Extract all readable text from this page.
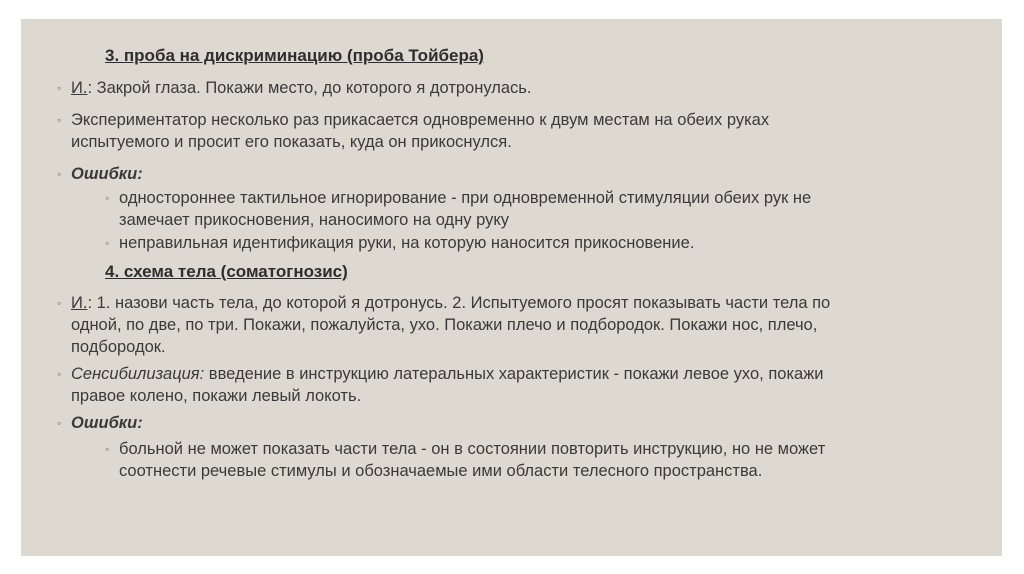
3. проба на дискриминацию (проба Тойбера)
◦ И.: Закрой глаза. Покажи место, до которого я дотронулась.
◦ Экспериментатор несколько раз прикасается одновременно к двум местам на обеих руках
испытуемого и просит его показать, куда он прикоснулся.
◦ Ошибки:
◦ одностороннее тактильное игнорирование - при одновременной стимуляции обеих рук не
замечает прикосновения, наносимого на одну руку
◦ неправильная идентификация руки, на которую наносится прикосновение.
4. схема тела (соматогнозис)
◦ И.: 1. назови часть тела, до которой я дотронусь. 2. Испытуемого просят показывать части тела по
одной, по две, по три. Покажи, пожалуйста, ухо. Покажи плечо и подбородок. Покажи нос, плечо,
подбородок.
◦ Сенсибилизация: введение в инструкцию латеральных характеристик - покажи левое ухо, покажи
правое колено, покажи левый локоть.
◦ Ошибки:
◦ больной не может показать части тела - он в состоянии повторить инструкцию, но не может
соотнести речевые стимулы и обозначаемые ими области телесного пространства.
